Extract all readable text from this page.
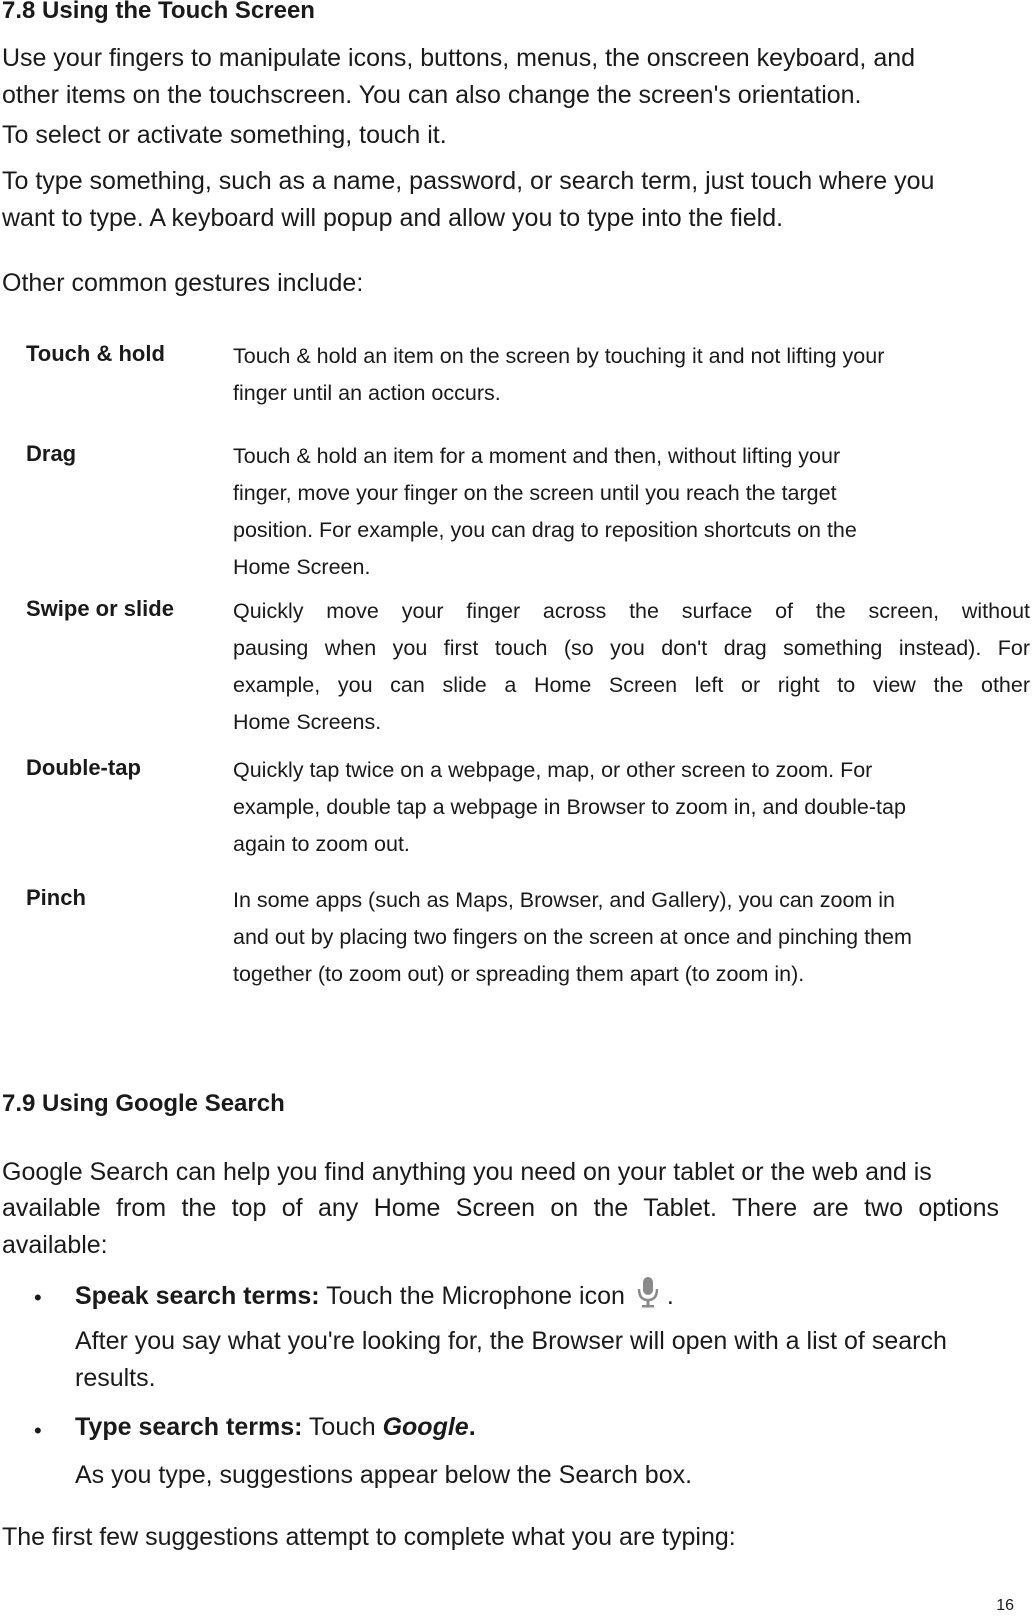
7.8 Using the Touch Screen

Use your fingers to manipulate icons, buttons, menus, the onscreen keyboard, and

other items on the touchscreen. You can also change the screen's orientation.

To select or activate something, touch it.

To type something, such as a name, password, or search term, just touch where you

want to type. A keyboard will popup and allow you to type into the field.

Other common gestures include:

Touch & hold	Touch & hold an item on the screen by touching it and not lifting your
finger until an action occurs.
Drag	Touch & hold an item for a moment and then, without lifting your
finger, move your finger on the screen until you reach the target
position. For example, you can drag to reposition shortcuts on the
Home Screen.
Swipe or slide	Quickly move your finger across the surface of the screen, without
pausing when you first touch (so you don't drag something instead). For
example, you can slide a Home Screen left or right to view the other
Home Screens.
Double-tap	Quickly tap twice on a webpage, map, or other screen to zoom. For
example, double tap a webpage in Browser to zoom in, and double-tap
again to zoom out.
Pinch	In some apps (such as Maps, Browser, and Gallery), you can zoom in
and out by placing two fingers on the screen at once and pinching them
together (to zoom out) or spreading them apart (to zoom in).
7.9 Using Google Search

Google Search can help you find anything you need on your tablet or the web and is

available from the top of any Home Screen on the Tablet. There are two options

available:

• Speak search terms: Touch the Microphone icon .
After you say what you're looking for, the Browser will open with a list of search
results.
• Type search terms: Touch Google.
As you type, suggestions appear below the Search box.

The first few suggestions attempt to complete what you are typing:

16
